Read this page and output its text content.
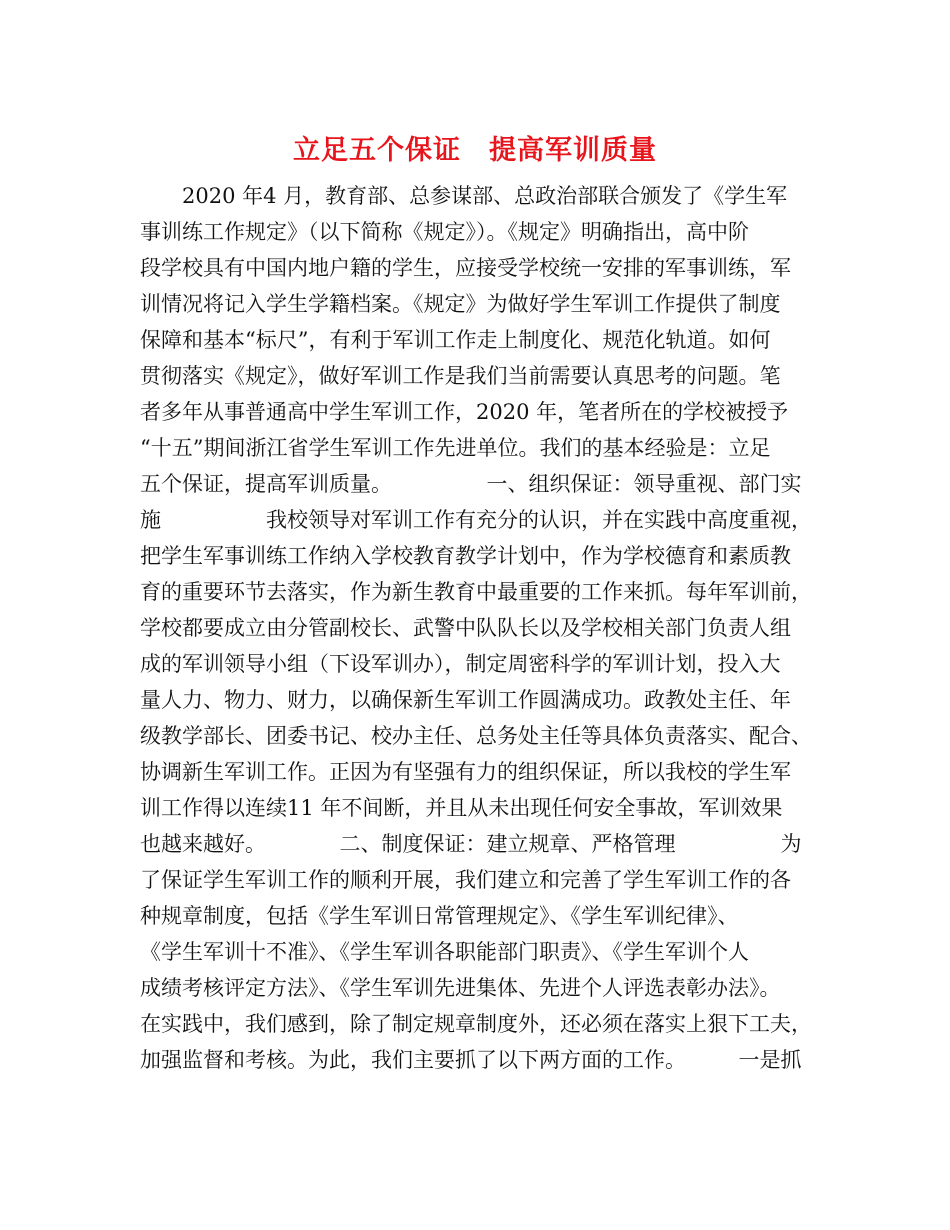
立足五个保证　提高军训质量
　　2020 年4 月，教育部、总参谋部、总政治部联合颁发了《学生军
事训练工作规定》（以下简称《规定》）。《规定》明确指出，高中阶
段学校具有中国内地户籍的学生，应接受学校统一安排的军事训练，军
训情况将记入学生学籍档案。《规定》为做好学生军训工作提供了制度
保障和基本“标尺”，有利于军训工作走上制度化、规范化轨道。如何
贯彻落实《规定》，做好军训工作是我们当前需要认真思考的问题。笔
者多年从事普通高中学生军训工作，2020 年，笔者所在的学校被授予
“十五”期间浙江省学生军训工作先进单位。我们的基本经验是：立足
五个保证，提高军训质量。　　　　　一、组织保证：领导重视、部门实
施　　　　　我校领导对军训工作有充分的认识，并在实践中高度重视，
把学生军事训练工作纳入学校教育教学计划中，作为学校德育和素质教
育的重要环节去落实，作为新生教育中最重要的工作来抓。每年军训前，
学校都要成立由分管副校长、武警中队队长以及学校相关部门负责人组
成的军训领导小组（下设军训办），制定周密科学的军训计划，投入大
量人力、物力、财力，以确保新生军训工作圆满成功。政教处主任、年
级教学部长、团委书记、校办主任、总务处主任等具体负责落实、配合、
协调新生军训工作。正因为有坚强有力的组织保证，所以我校的学生军
训工作得以连续11 年不间断，并且从未出现任何安全事故，军训效果
也越来越好。　　　　二、制度保证：建立规章、严格管理　　　　　为
了保证学生军训工作的顺利开展，我们建立和完善了学生军训工作的各
种规章制度，包括《学生军训日常管理规定》、《学生军训纪律》、
《学生军训十不准》、《学生军训各职能部门职责》、《学生军训个人
成绩考核评定方法》、《学生军训先进集体、先进个人评选表彰办法》。
在实践中，我们感到，除了制定规章制度外，还必须在落实上狠下工夫，
加强监督和考核。为此，我们主要抓了以下两方面的工作。　　　一是抓
